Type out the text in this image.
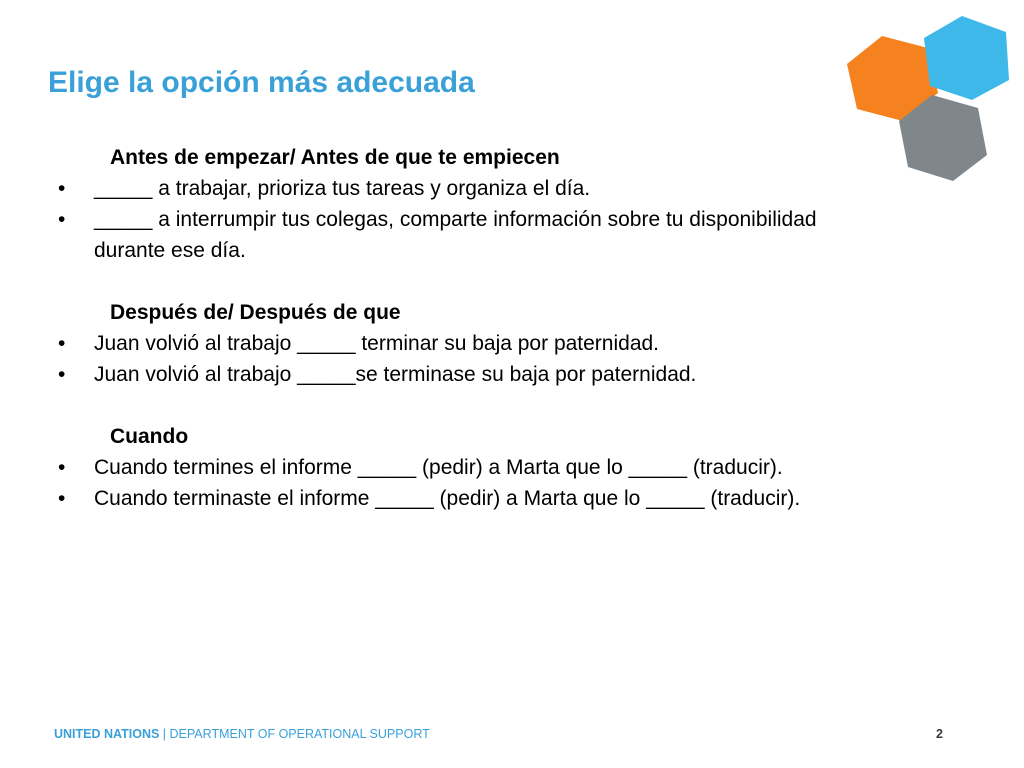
Elige la opción más adecuada
Antes de empezar/ Antes de que te empiecen
•	_____ a trabajar, prioriza tus tareas y organiza el día.
•	_____ a interrumpir tus colegas, comparte información sobre tu disponibilidad durante ese día.
Después de/ Después de que
•	Juan volvió al trabajo _____ terminar su baja por paternidad.
•	Juan volvió al trabajo _____se terminase su baja por paternidad.
Cuando
•	Cuando termines el informe _____ (pedir) a Marta que lo _____ (traducir).
•	Cuando terminaste el informe _____ (pedir) a Marta que lo _____ (traducir).
UNITED NATIONS | DEPARTMENT OF OPERATIONAL SUPPORT	2
